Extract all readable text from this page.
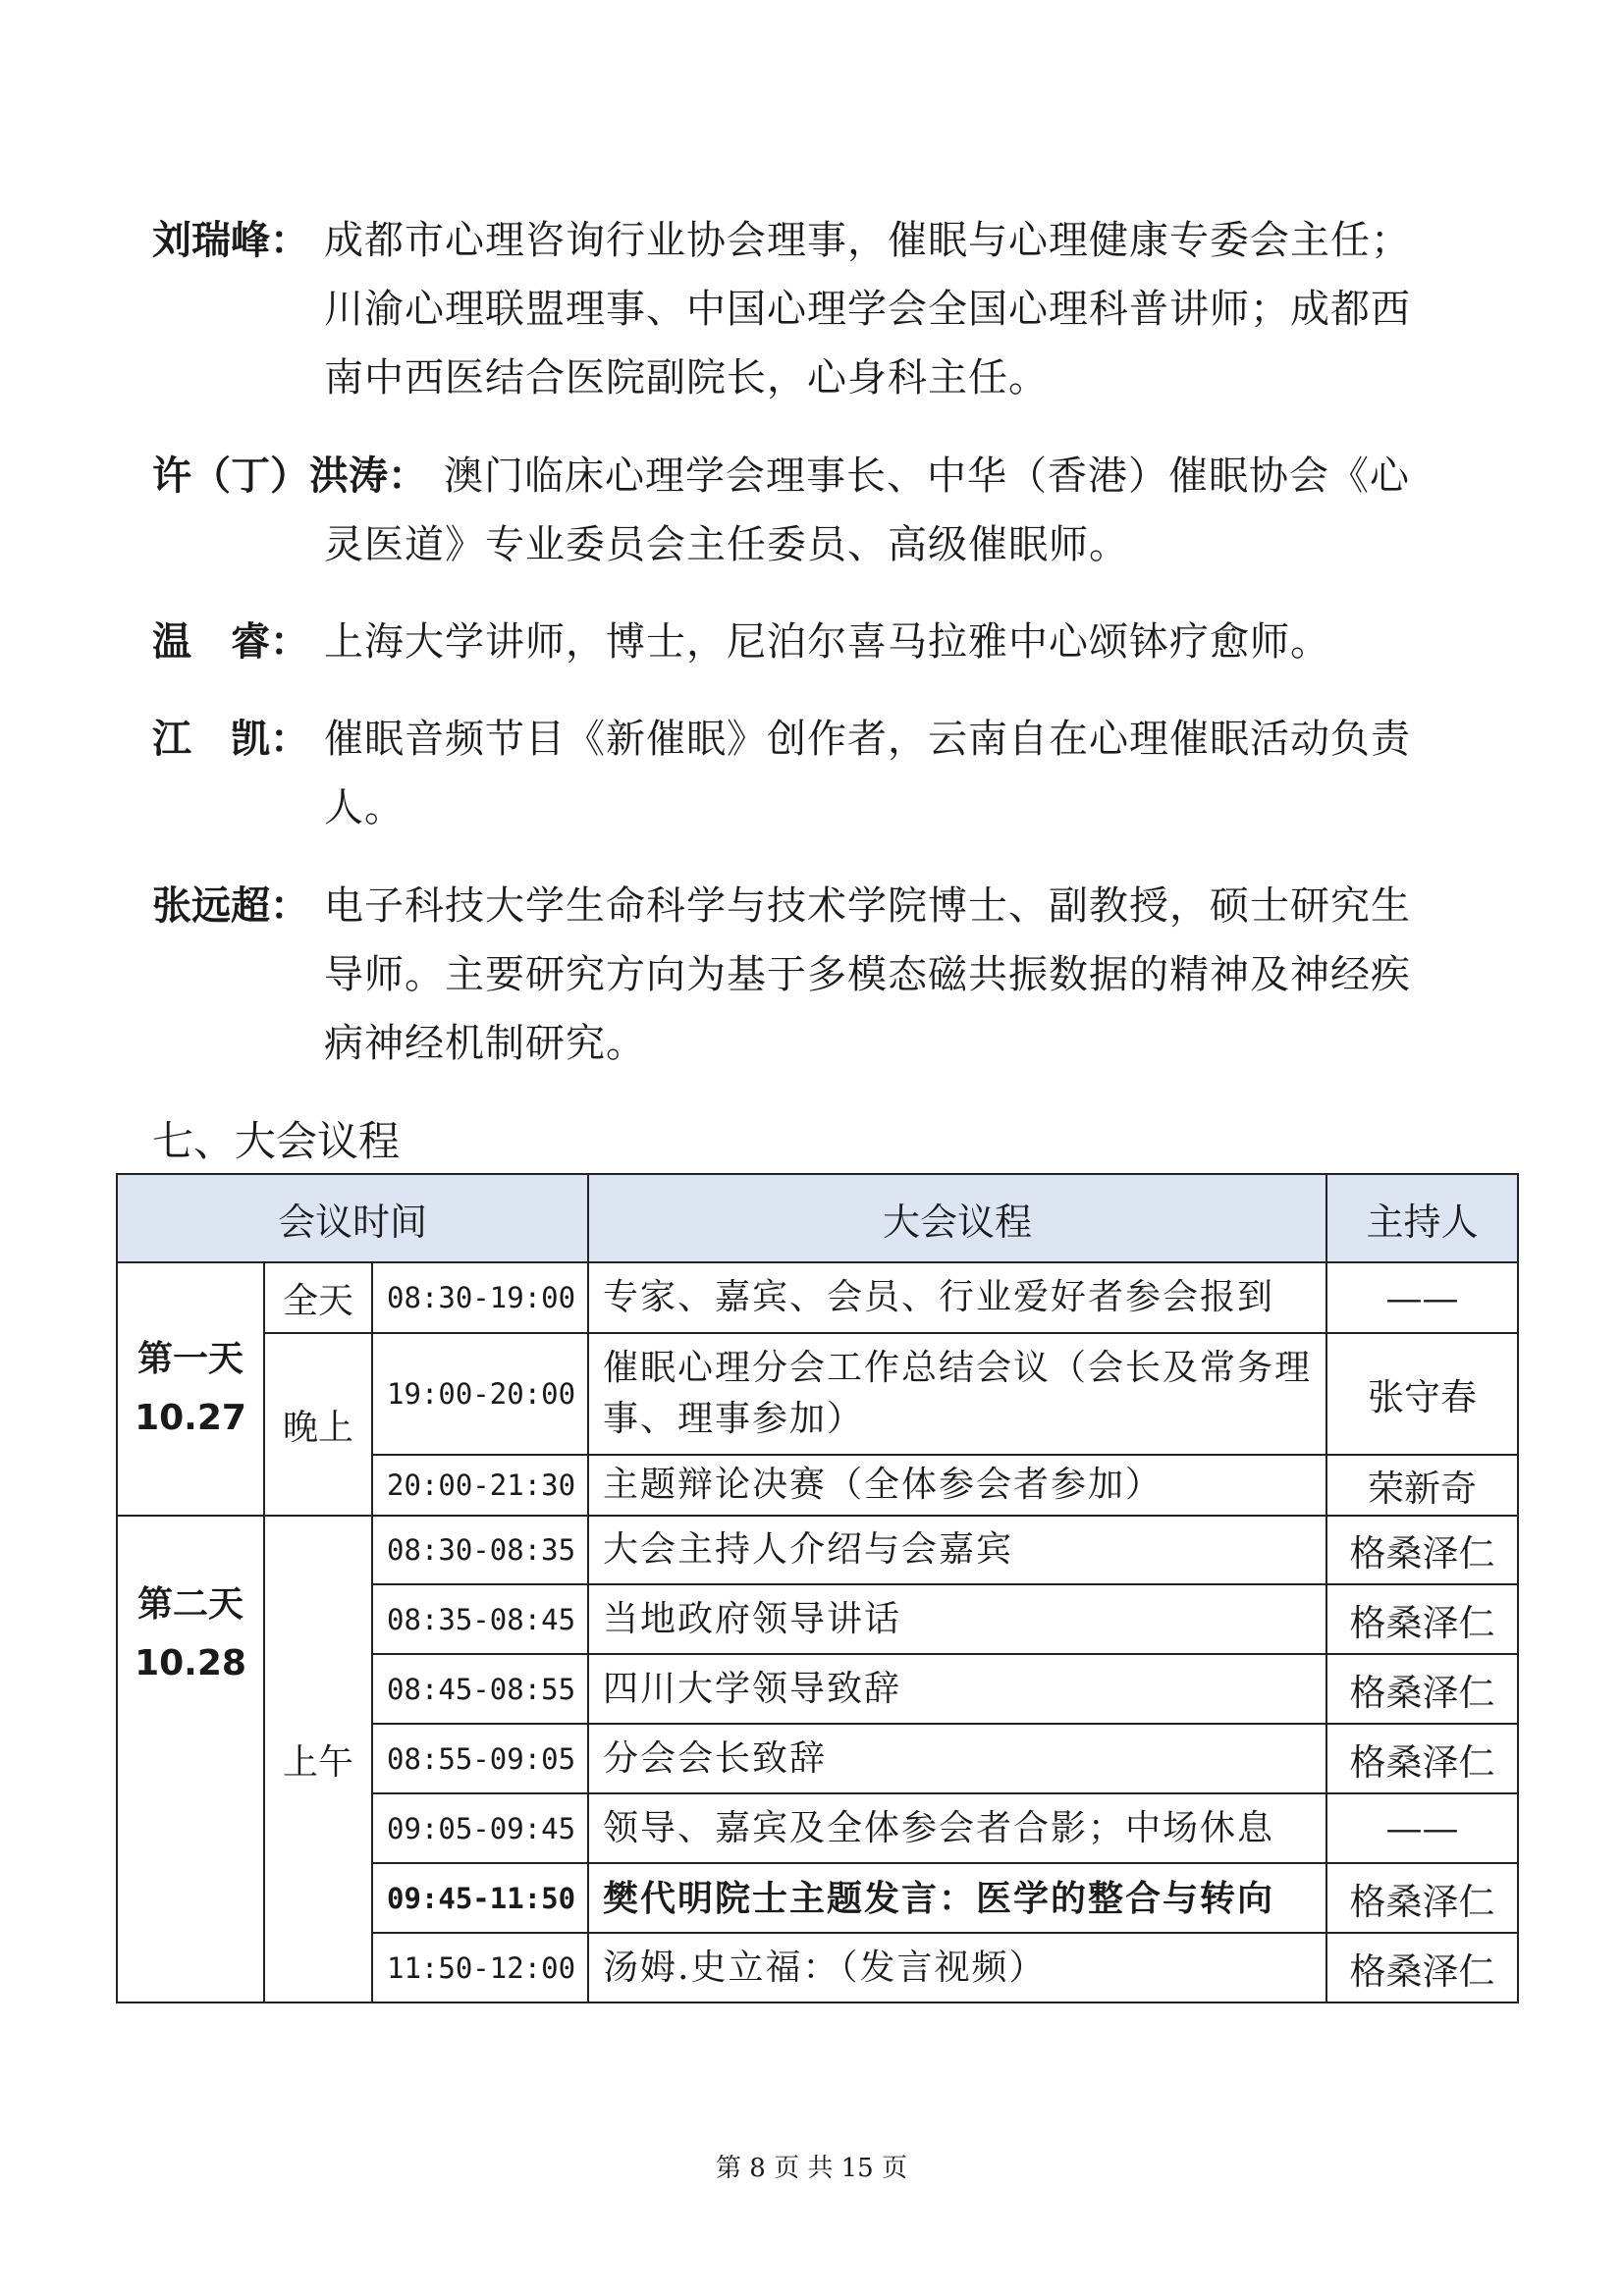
刘瑞峰： 成都市心理咨询行业协会理事，催眠与心理健康专委会主任；
川渝心理联盟理事、中国心理学会全国心理科普讲师；成都西
南中西医结合医院副院长，心身科主任。
许（丁）洪涛： 澳门临床心理学会理事长、中华（香港）催眠协会《心
灵医道》专业委员会主任委员、高级催眠师。
温　睿： 上海大学讲师，博士，尼泊尔喜马拉雅中心颂钵疗愈师。
江　凯： 催眠音频节目《新催眠》创作者，云南自在心理催眠活动负责
人。
张远超： 电子科技大学生命科学与技术学院博士、副教授，硕士研究生
导师。主要研究方向为基于多模态磁共振数据的精神及神经疾
病神经机制研究。
七、大会议程
会议时间			大会议程	主持人

第一天
10.27	全天	08:30-19:00	专家、嘉宾、会员、行业爱好者参会报到	——
	晚上	19:00-20:00	催眠心理分会工作总结会议（会长及常务理事、理事参加）	张守春
		20:00-21:30	主题辩论决赛（全体参会者参加）	荣新奇

第二天
10.28	上午	08:30-08:35	大会主持人介绍与会嘉宾	格桑泽仁
		08:35-08:45	当地政府领导讲话	格桑泽仁
		08:45-08:55	四川大学领导致辞	格桑泽仁
		08:55-09:05	分会会长致辞	格桑泽仁
		09:05-09:45	领导、嘉宾及全体参会者合影；中场休息	——
		09:45-11:50	樊代明院士主题发言：医学的整合与转向	格桑泽仁
		11:50-12:00	汤姆.史立福：（发言视频）	格桑泽仁
第 8 页 共 15 页
